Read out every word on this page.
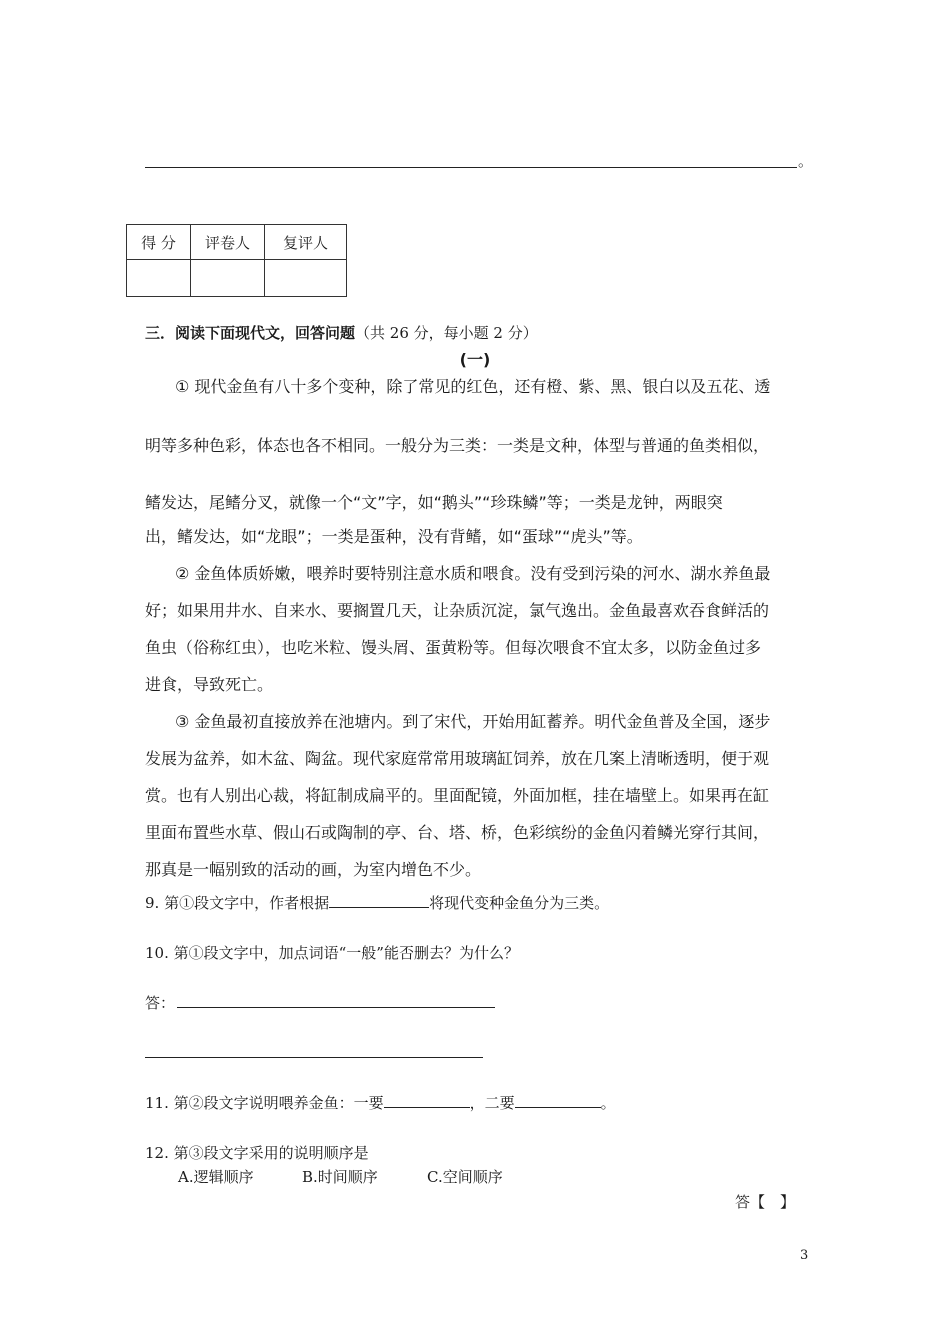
。
得 分	评卷人	复评人

三．阅读下面现代文，回答问题（共 26 分，每小题 2 分）
(一)
① 现代金鱼有八十多个变种，除了常见的红色，还有橙、紫、黑、银白以及五花、透
明等多种色彩，体态也各不相同。一般分为三类：一类是文种，体型与普通的鱼类相似，
鳍发达，尾鳍分叉，就像一个“文”字，如“鹅头”“珍珠鳞”等；一类是龙钟，两眼突
出，鳍发达，如“龙眼”；一类是蛋种，没有背鳍，如“蛋球”“虎头”等。
② 金鱼体质娇嫩，喂养时要特别注意水质和喂食。没有受到污染的河水、湖水养鱼最
好；如果用井水、自来水、要搁置几天，让杂质沉淀，氯气逸出。金鱼最喜欢吞食鲜活的
鱼虫（俗称红虫），也吃米粒、馒头屑、蛋黄粉等。但每次喂食不宜太多，以防金鱼过多
进食，导致死亡。
③ 金鱼最初直接放养在池塘内。到了宋代，开始用缸蓄养。明代金鱼普及全国，逐步
发展为盆养，如木盆、陶盆。现代家庭常常用玻璃缸饲养，放在几案上清晰透明，便于观
赏。也有人别出心裁，将缸制成扁平的。里面配镜，外面加框，挂在墙壁上。如果再在缸
里面布置些水草、假山石或陶制的亭、台、塔、桥，色彩缤纷的金鱼闪着鳞光穿行其间，
那真是一幅别致的活动的画，为室内增色不少。
9. 第①段文字中，作者根据	将现代变种金鱼分为三类。
10. 第①段文字中，加点词语“一般”能否删去？为什么？
答：
11. 第②段文字说明喂养金鱼：一要	，二要	。
12. 第③段文字采用的说明顺序是
A.逻辑顺序	B.时间顺序	C.空间顺序
答【　】
3
